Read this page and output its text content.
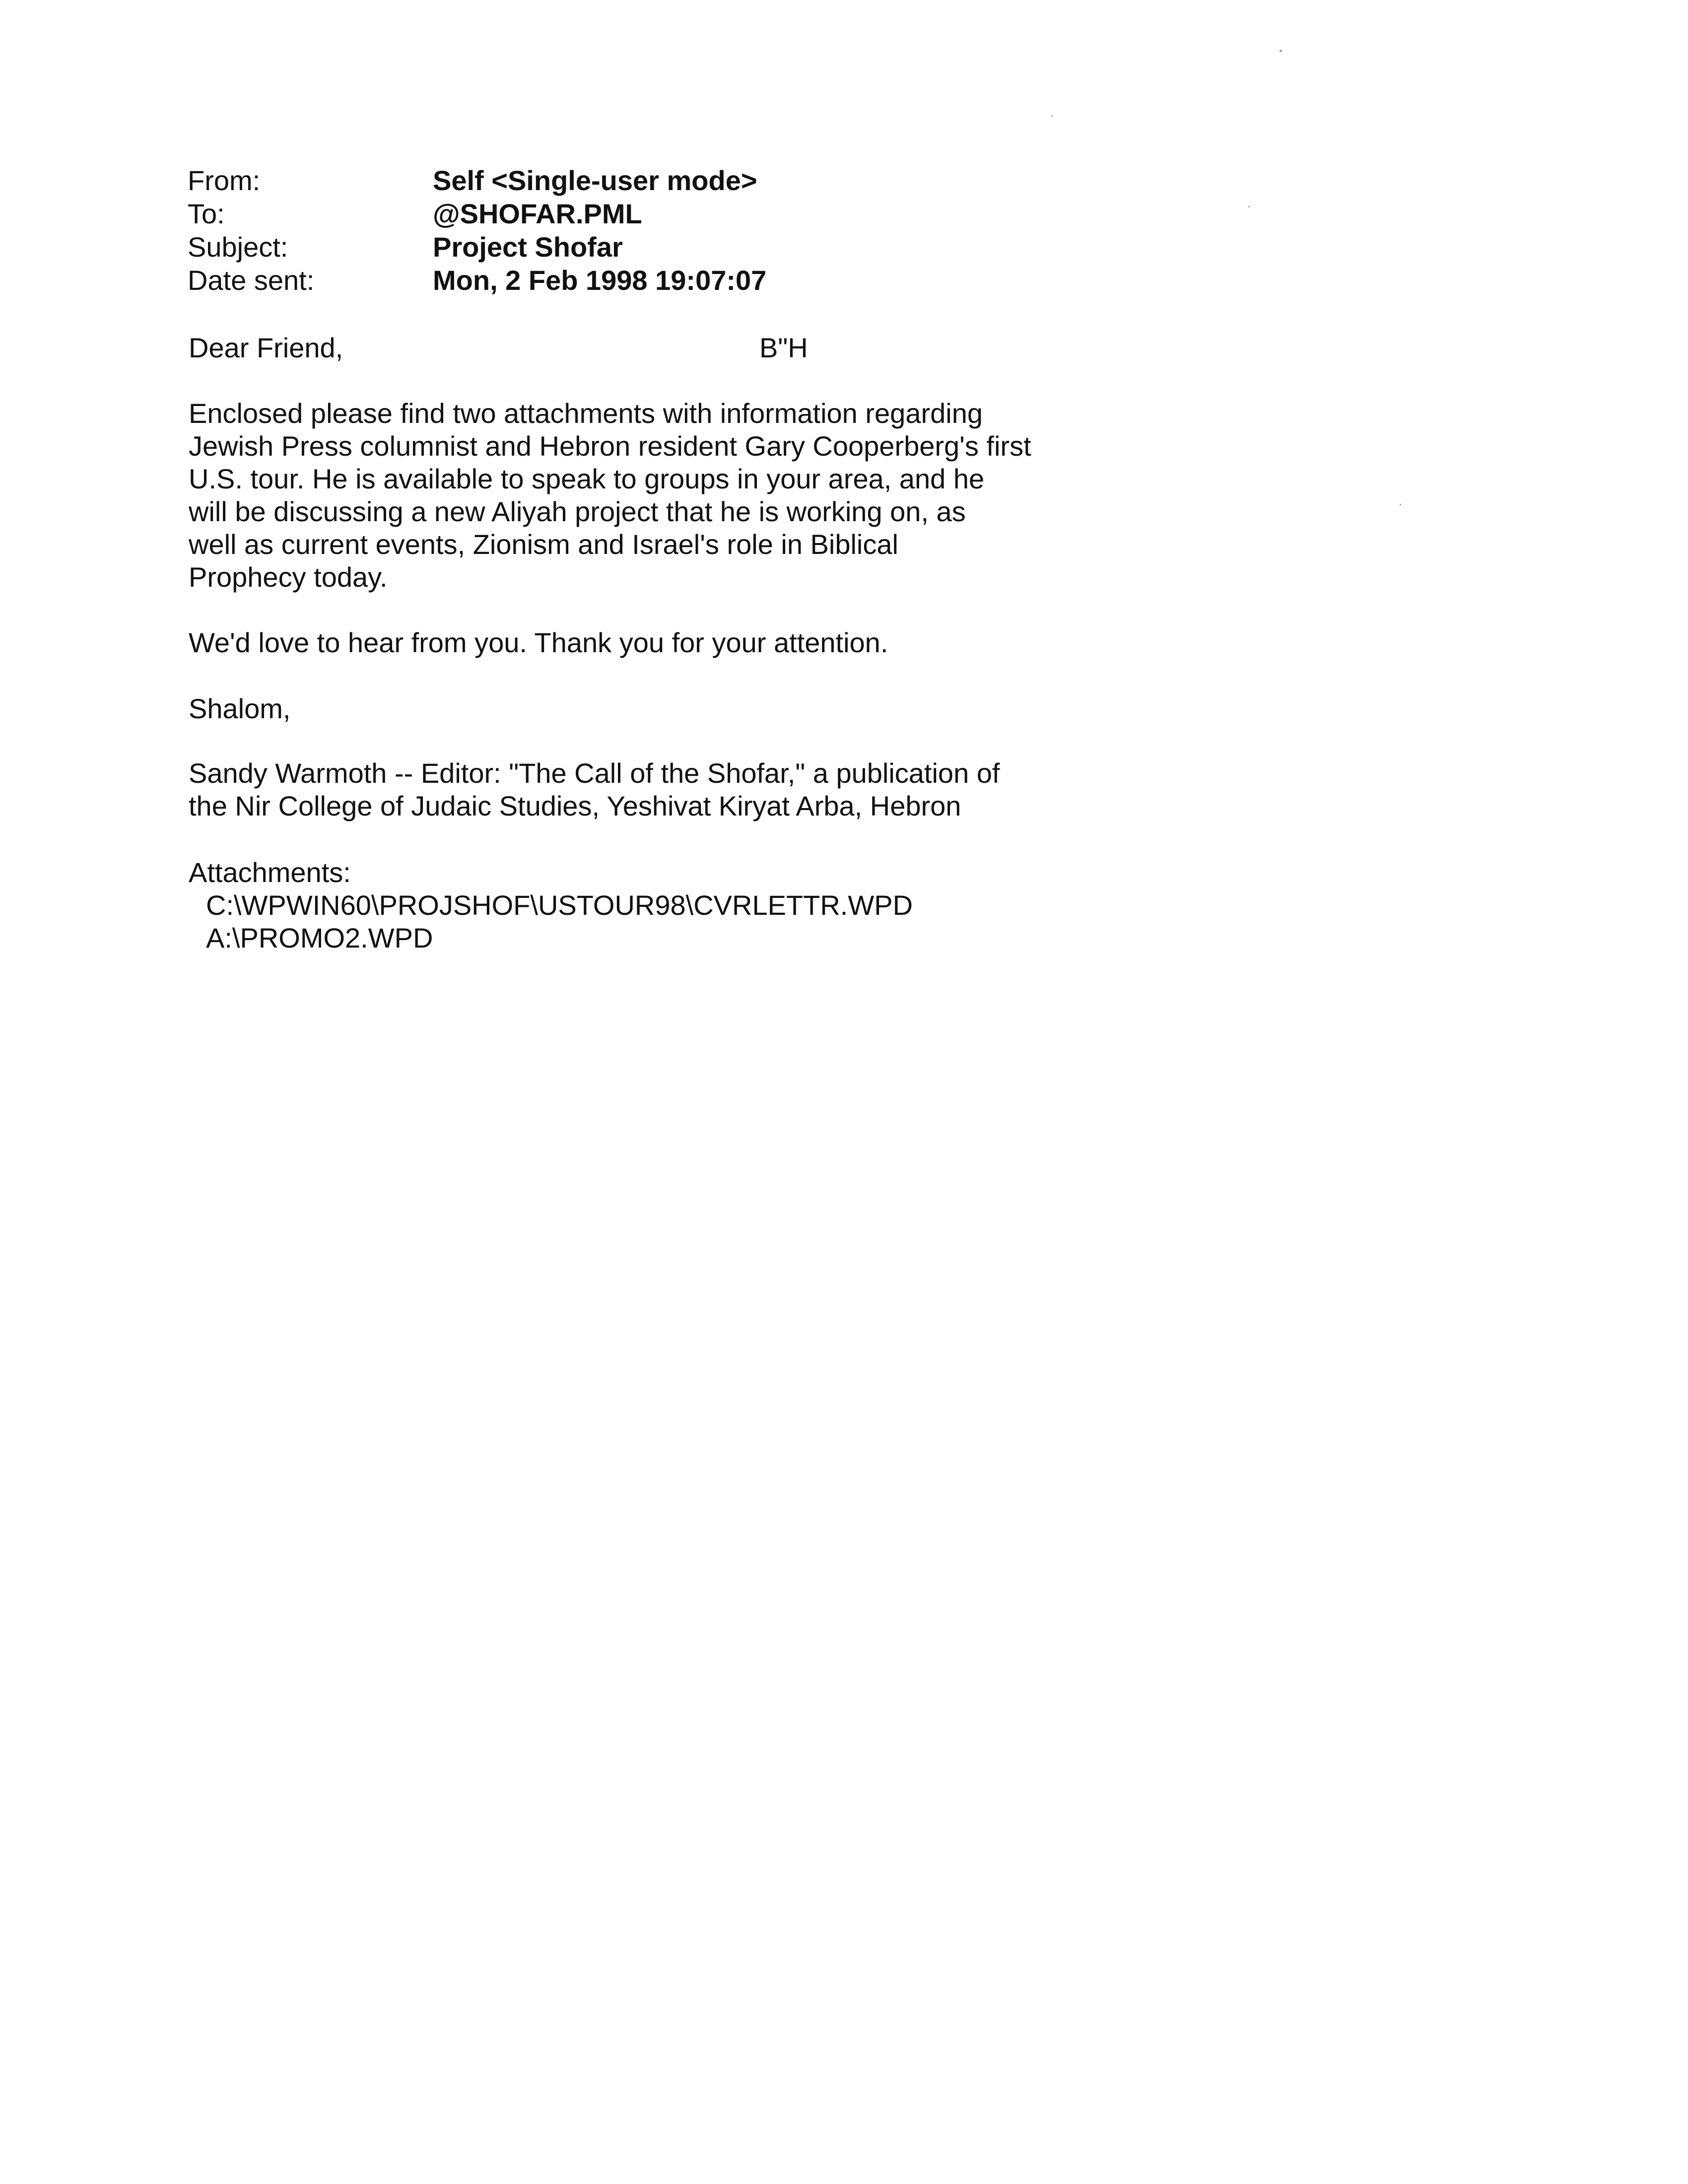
From:	Self <Single-user mode>
To:	@SHOFAR.PML
Subject:	Project Shofar
Date sent:	Mon, 2 Feb 1998 19:07:07
Dear Friend,	B"H
Enclosed please find two attachments with information regarding
Jewish Press columnist and Hebron resident Gary Cooperberg's first
U.S. tour. He is available to speak to groups in your area, and he
will be discussing a new Aliyah project that he is working on, as
well as current events, Zionism and Israel's role in Biblical
Prophecy today.
We'd love to hear from you. Thank you for your attention.
Shalom,
Sandy Warmoth -- Editor: "The Call of the Shofar," a publication of
the Nir College of Judaic Studies, Yeshivat Kiryat Arba, Hebron
Attachments:
C:\WPWIN60\PROJSHOF\USTOUR98\CVRLETTR.WPD
A:\PROMO2.WPD
